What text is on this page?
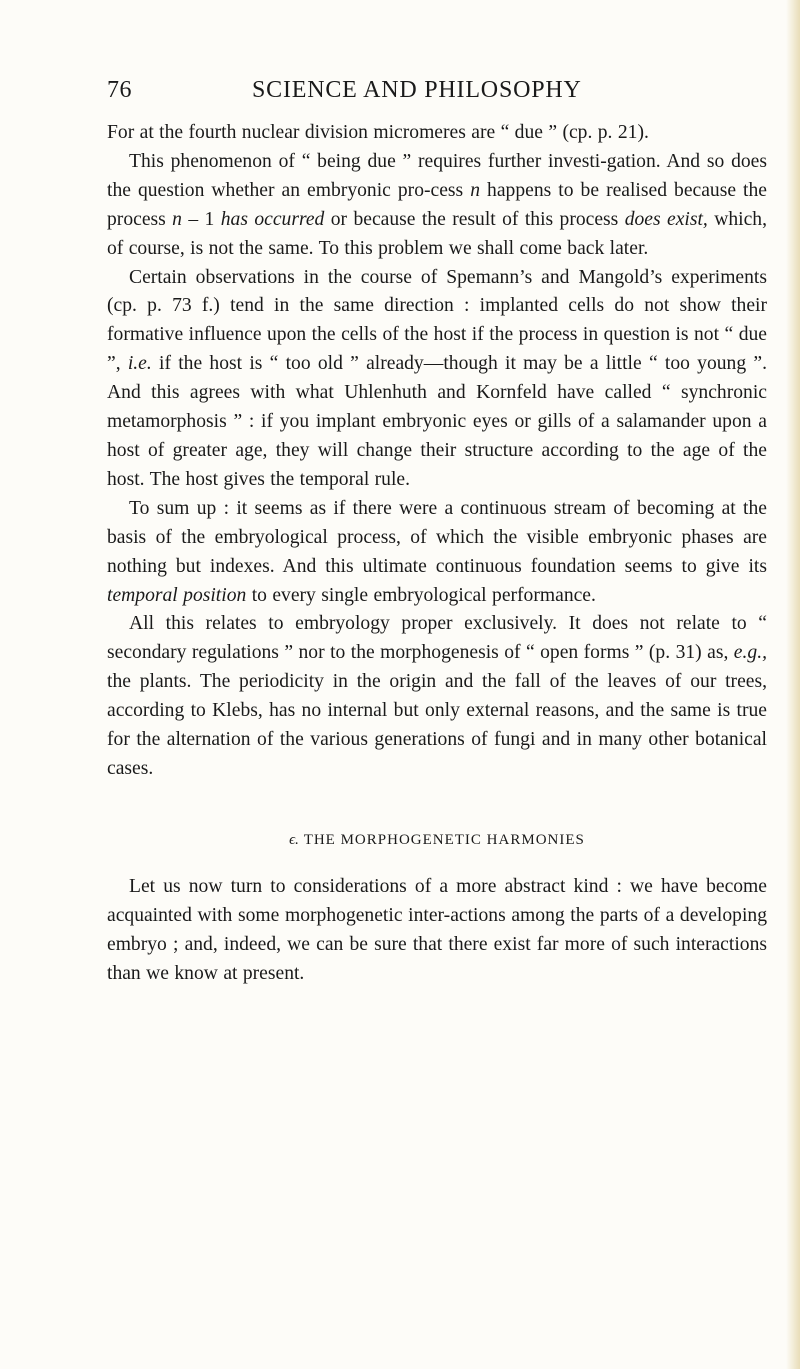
76	SCIENCE AND PHILOSOPHY

For at the fourth nuclear division micromeres are “ due ” (cp. p. 21).

This phenomenon of “ being due ” requires further investi-gation. And so does the question whether an embryonic pro-cess n happens to be realised because the process n – 1 has occurred or because the result of this process does exist, which, of course, is not the same. To this problem we shall come back later.

Certain observations in the course of Spemann’s and Mangold’s experiments (cp. p. 73 f.) tend in the same direction : implanted cells do not show their formative influence upon the cells of the host if the process in question is not “ due ”, i.e. if the host is “ too old ” already—though it may be a little “ too young ”. And this agrees with what Uhlenhuth and Kornfeld have called “ synchronic metamorphosis ” : if you implant embryonic eyes or gills of a salamander upon a host of greater age, they will change their structure according to the age of the host. The host gives the temporal rule.

To sum up : it seems as if there were a continuous stream of becoming at the basis of the embryological process, of which the visible embryonic phases are nothing but indexes. And this ultimate continuous foundation seems to give its temporal position to every single embryological performance.

All this relates to embryology proper exclusively. It does not relate to “ secondary regulations ” nor to the morphogenesis of “ open forms ” (p. 31) as, e.g., the plants. The periodicity in the origin and the fall of the leaves of our trees, according to Klebs, has no internal but only external reasons, and the same is true for the alternation of the various generations of fungi and in many other botanical cases.

ϵ. THE MORPHOGENETIC HARMONIES

Let us now turn to considerations of a more abstract kind : we have become acquainted with some morphogenetic inter-actions among the parts of a developing embryo ; and, indeed, we can be sure that there exist far more of such interactions than we know at present.
